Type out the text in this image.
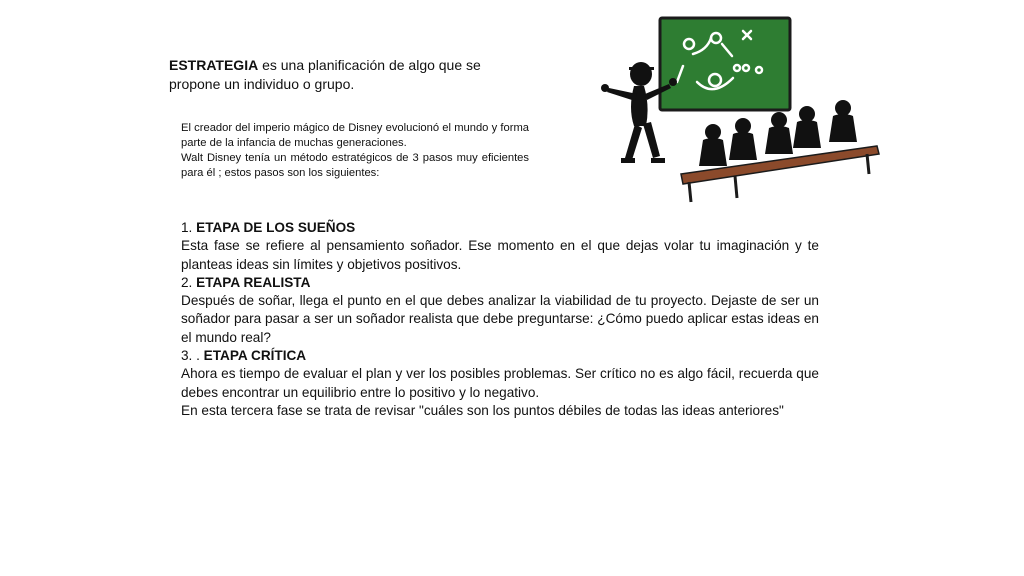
ESTRATEGIA es una planificación de algo que se propone un individuo o grupo.

El creador del imperio mágico de Disney evolucionó el mundo y forma parte de la infancia de muchas generaciones.

Walt Disney tenía un método estratégicos de 3 pasos muy eficientes para él ; estos pasos son los siguientes:

1. ETAPA DE LOS SUEÑOS

Esta fase se refiere al pensamiento soñador. Ese momento en el que dejas volar tu imaginación y te planteas ideas sin límites y objetivos positivos.

2. ETAPA REALISTA

Después de soñar, llega el punto en el que debes analizar la viabilidad de tu proyecto. Dejaste de ser un soñador para pasar a ser un soñador realista que debe preguntarse: ¿Cómo puedo aplicar estas ideas en el mundo real?

3. . ETAPA CRÍTICA

Ahora es tiempo de evaluar el plan y ver los posibles problemas. Ser crítico no es algo fácil, recuerda que debes encontrar un equilibrio entre lo positivo y lo negativo.

En esta tercera fase se trata de revisar "cuáles son los puntos débiles de todas las ideas anteriores"
